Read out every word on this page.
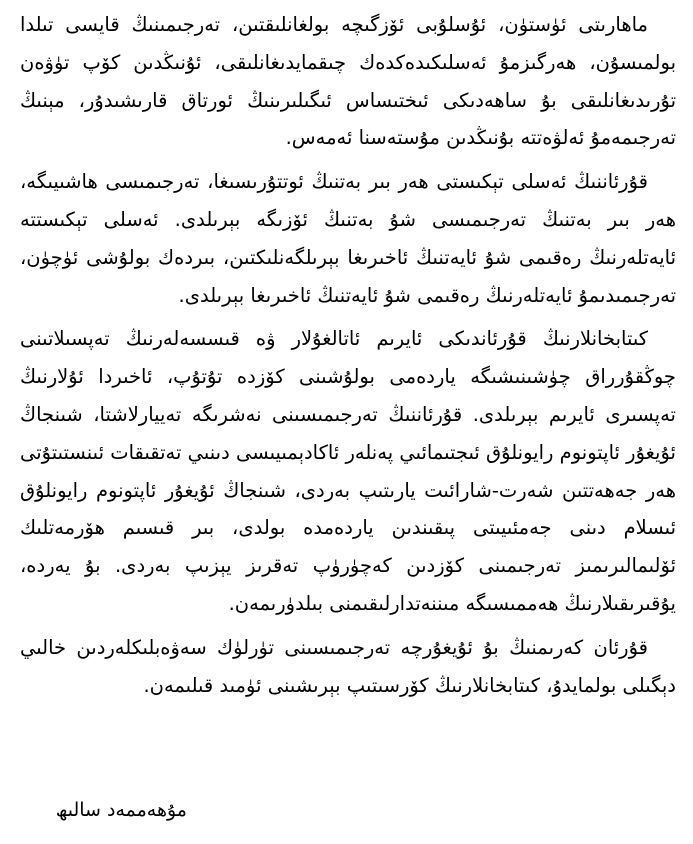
ماھارىتى ئۈستۈن، ئۇسلۇبى ئۆزگىچە بولغانلىقتىن، تەرجىمىنىڭ قايسى تىلدا بولمىسۇن، ھەرگىزمۇ ئەسلىكىدەكدەك چىقمايدىغانلىقى، ئۇنىڭدىن كۆپ تۈۋەن تۇرىدىغانلىقى بۇ ساھەدىكى ئىختىساس ئىگىلىرىنىڭ ئورتاق قارىشىدۇر، مېنىڭ تەرجىمەمۇ ئەلۋەتتە بۇنىڭدىن مۇستەسنا ئەمەس.

قۇرئاننىڭ ئەسلى تېكىستى ھەر بىر بەتنىڭ ئوتتۇرىسىغا، تەرجىمىسى ھاشىيىگە، ھەر بىر بەتنىڭ تەرجىمىسى شۇ بەتنىڭ ئۆزىگە بېرىلدى. ئەسلى تېكىستتە ئايەتلەرنىڭ رەقىمى شۇ ئايەتنىڭ ئاخىرىغا بېرىلگەنلىكتىن، بىردەك بولۇشى ئۈچۈن، تەرجىمىدىمۇ ئايەتلەرنىڭ رەقىمى شۇ ئايەتنىڭ ئاخىرىغا بېرىلدى.

كىتابخانلارنىڭ قۇرئاندىكى ئايرىم ئاتالغۇلار ۋە قىسسەلەرنىڭ تەپسىلاتىنى چوڭقۇرراق چۈشىنىشىگە ياردەمى بولۇشىنى كۆزدە تۇتۇپ، ئاخىردا ئۇلارنىڭ تەپسىرى ئايرىم بېرىلدى. قۇرئاننىڭ تەرجىمىسىنى نەشرىگە تەييارلاشتا، شىنجاڭ ئۇيغۇر ئاپتونوم رايونلۇق ئىجتىمائىي پەنلەر ئاكادېمىيىسى دىنىي تەتقىقات ئىنستىتۇتى ھەر جەھەتتىن شەرت-شارائىت يارىتىپ بەردى، شىنجاڭ ئۇيغۇر ئاپتونوم رايونلۇق ئىسلام دىنى جەمئىيىتى پىقىندىن ياردەمدە بولدى، بىر قىسىم ھۆرمەتلىك ئۆلىمالىرىمىز تەرجىمىنى كۆزدىن كەچۈرۈپ تەقرىز يېزىپ بەردى. بۇ يەردە، يۇقىرىقىلارنىڭ ھەممىسىگە مىننەتدارلىقىمنى بىلدۈرىمەن.

قۇرئان كەرىمنىڭ بۇ ئۇيغۇرچە تەرجىمىسىنى تۈرلۈك سەۋەبلىكلەردىن خالىي دېگىلى بولمايدۇ، كىتابخانلارنىڭ كۆرسىتىپ بېرىشىنى ئۈمىد قىلىمەن.

مۇھەممەد سالىھ
